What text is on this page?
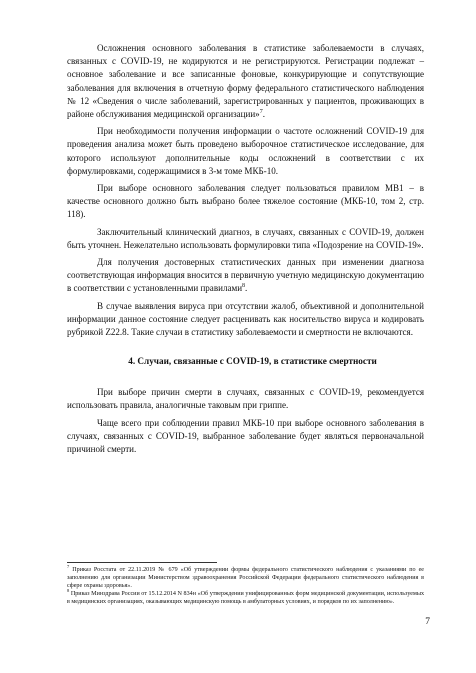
Осложнения основного заболевания в статистике заболеваемости в случаях, связанных с COVID-19, не кодируются и не регистрируются. Регистрации подлежат – основное заболевание и все записанные фоновые, конкурирующие и сопутствующие заболевания для включения в отчетную форму федерального статистического наблюдения № 12 «Сведения о числе заболеваний, зарегистрированных у пациентов, проживающих в районе обслуживания медицинской организации»$^7$.

При необходимости получения информации о частоте осложнений COVID-19 для проведения анализа может быть проведено выборочное статистическое исследование, для которого используют дополнительные коды осложнений в соответствии с их формулировками, содержащимися в 3-м томе МКБ-10.

При выборе основного заболевания следует пользоваться правилом MB1 – в качестве основного должно быть выбрано более тяжелое состояние (МКБ-10, том 2, стр. 118).

Заключительный клинический диагноз, в случаях, связанных с COVID-19, должен быть уточнен. Нежелательно использовать формулировки типа «Подозрение на COVID-19».

Для получения достоверных статистических данных при изменении диагноза соответствующая информация вносится в первичную учетную медицинскую документацию в соответствии с установленными правилами$^8$.

В случае выявления вируса при отсутствии жалоб, объективной и дополнительной информации данное состояние следует расценивать как носительство вируса и кодировать рубрикой Z22.8. Такие случаи в статистику заболеваемости и смертности не включаются.

4. Случаи, связанные с COVID-19, в статистике смертности

При выборе причин смерти в случаях, связанных с COVID-19, рекомендуется использовать правила, аналогичные таковым при гриппе.

Чаще всего при соблюдении правил МКБ-10 при выборе основного заболевания в случаях, связанных с COVID-19, выбранное заболевание будет являться первоначальной причиной смерти.

$^7$ Приказ Росстата от 22.11.2019 № 679 «Об утверждении формы федерального статистического наблюдения с указаниями по ее заполнению для организации Министерством здравоохранения Российской Федерации федерального статистического наблюдения в сфере охраны здоровья».

$^8$ Приказ Минздрава России от 15.12.2014 N 834н «Об утверждении унифицированных форм медицинской документации, используемых в медицинских организациях, оказывающих медицинскую помощь в амбулаторных условиях, и порядков по их заполнению».

7
